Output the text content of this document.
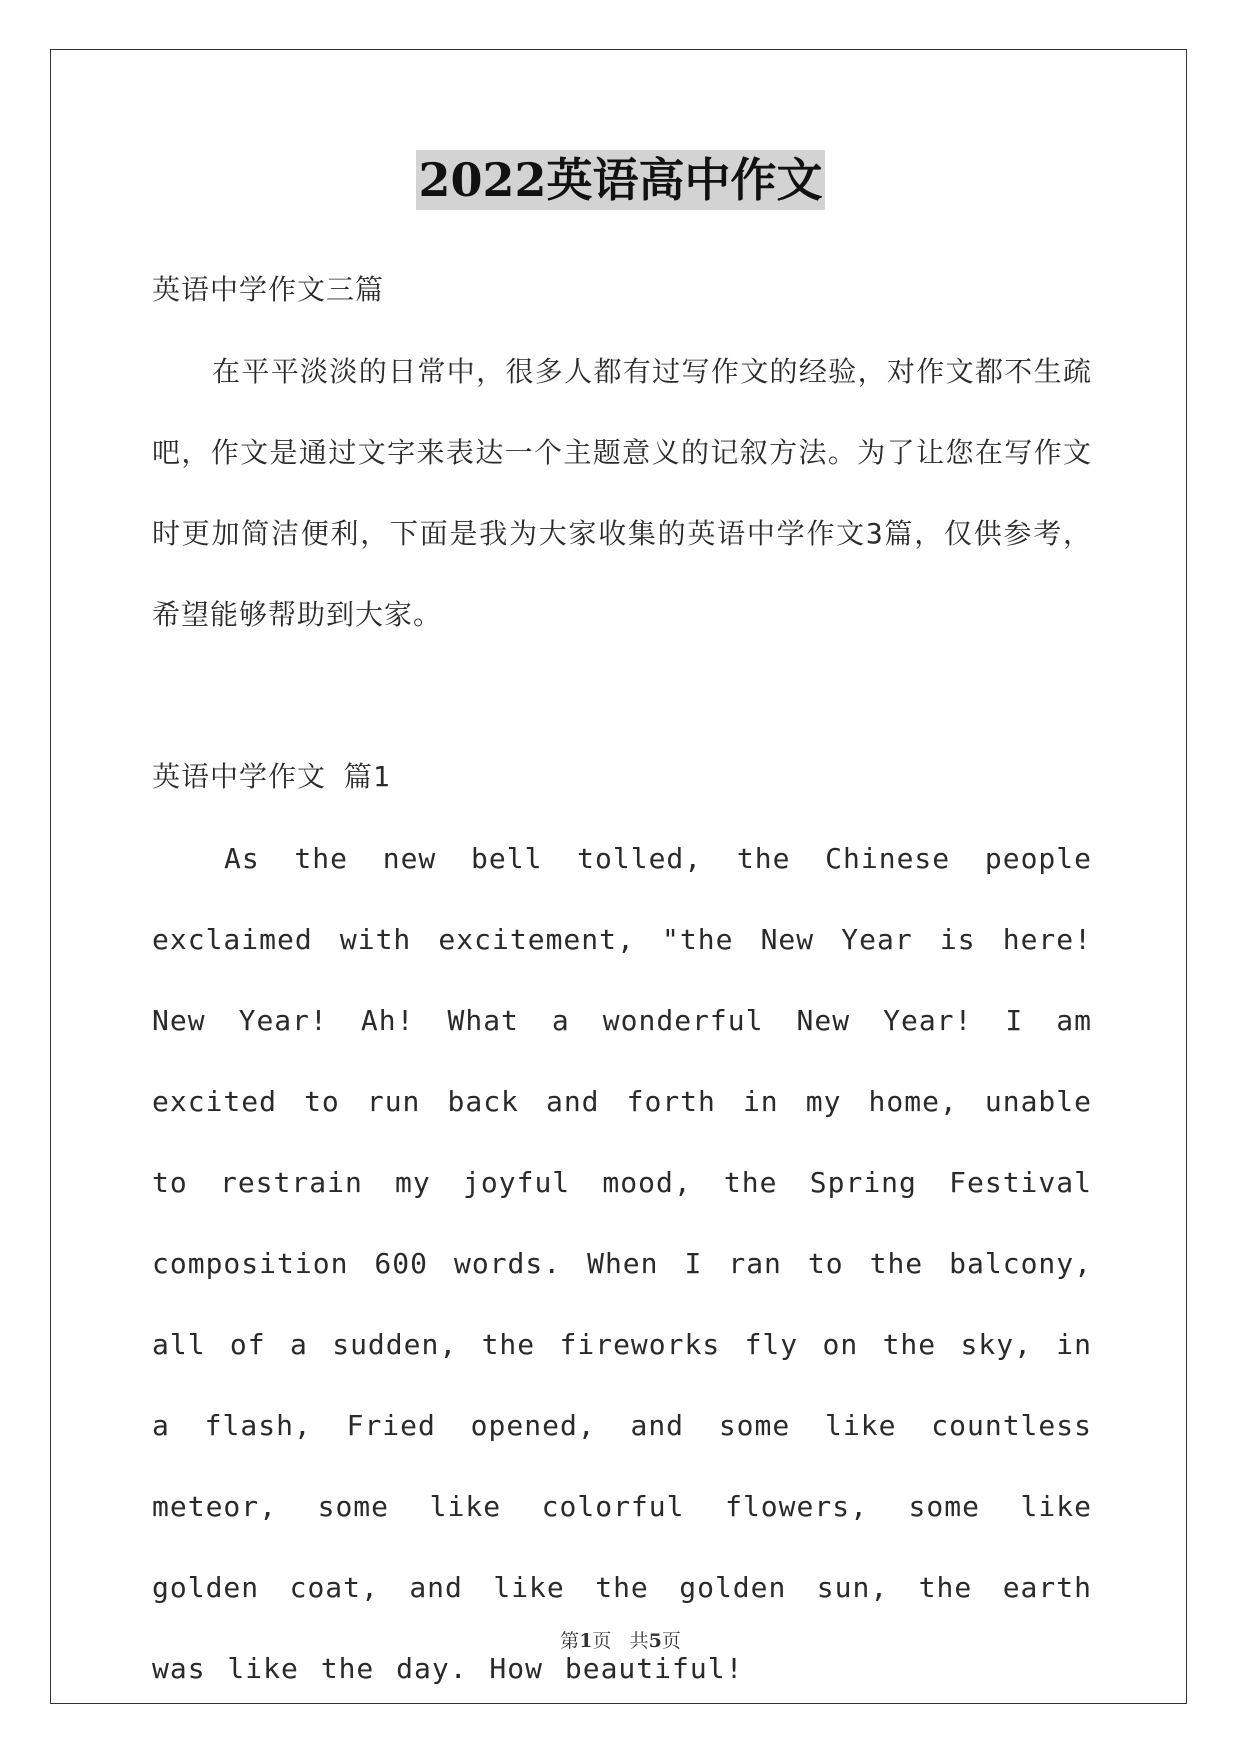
2022英语高中作文
英语中学作文三篇
在平平淡淡的日常中，很多人都有过写作文的经验，对作文都不生疏吧，作文是通过文字来表达一个主题意义的记叙方法。为了让您在写作文时更加简洁便利，下面是我为大家收集的英语中学作文3篇，仅供参考，希望能够帮助到大家。
英语中学作文 篇1
As the new bell tolled, the Chinese people exclaimed with excitement, "the New Year is here! New Year! Ah! What a wonderful New Year! I am excited to run back and forth in my home, unable to restrain my joyful mood, the Spring Festival composition 600 words. When I ran to the balcony, all of a sudden, the fireworks fly on the sky, in a flash, Fried opened, and some like countless meteor, some like colorful flowers, some like golden coat, and like the golden sun, the earth was like the day. How beautiful!
第1页 共5页
